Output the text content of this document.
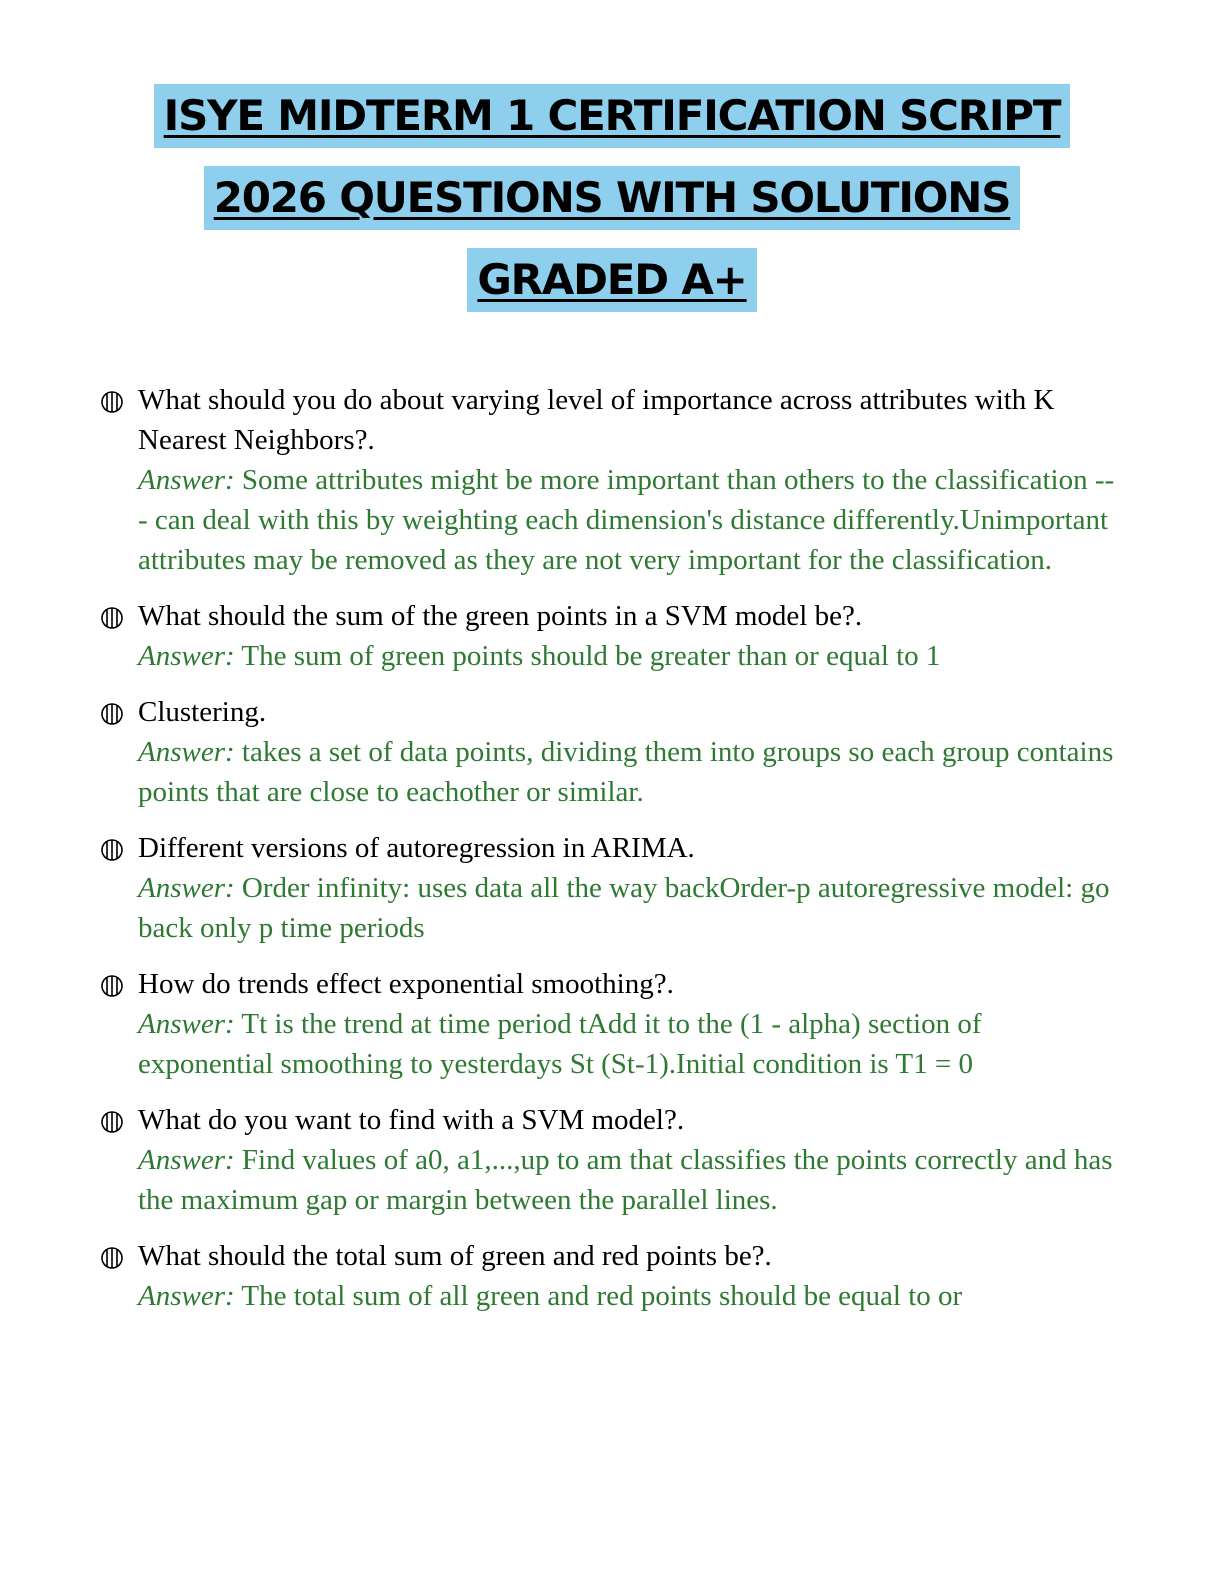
ISYE MIDTERM 1 CERTIFICATION SCRIPT
2026 QUESTIONS WITH SOLUTIONS
GRADED A+

What should you do about varying level of importance across attributes with K Nearest Neighbors?.

Answer: Some attributes might be more important than others to the classification --- can deal with this by weighting each dimension's distance differently.Unimportant attributes may be removed as they are not very important for the classification.

What should the sum of the green points in a SVM model be?.

Answer: The sum of green points should be greater than or equal to 1

Clustering.

Answer: takes a set of data points, dividing them into groups so each group contains points that are close to eachother or similar.

Different versions of autoregression in ARIMA.

Answer: Order infinity: uses data all the way backOrder-p autoregressive model: go back only p time periods

How do trends effect exponential smoothing?.

Answer: Tt is the trend at time period tAdd it to the (1 - alpha) section of exponential smoothing to yesterdays St (St-1).Initial condition is T1 = 0

What do you want to find with a SVM model?.

Answer: Find values of a0, a1,...,up to am that classifies the points correctly and has the maximum gap or margin between the parallel lines.

What should the total sum of green and red points be?.

Answer: The total sum of all green and red points should be equal to or
